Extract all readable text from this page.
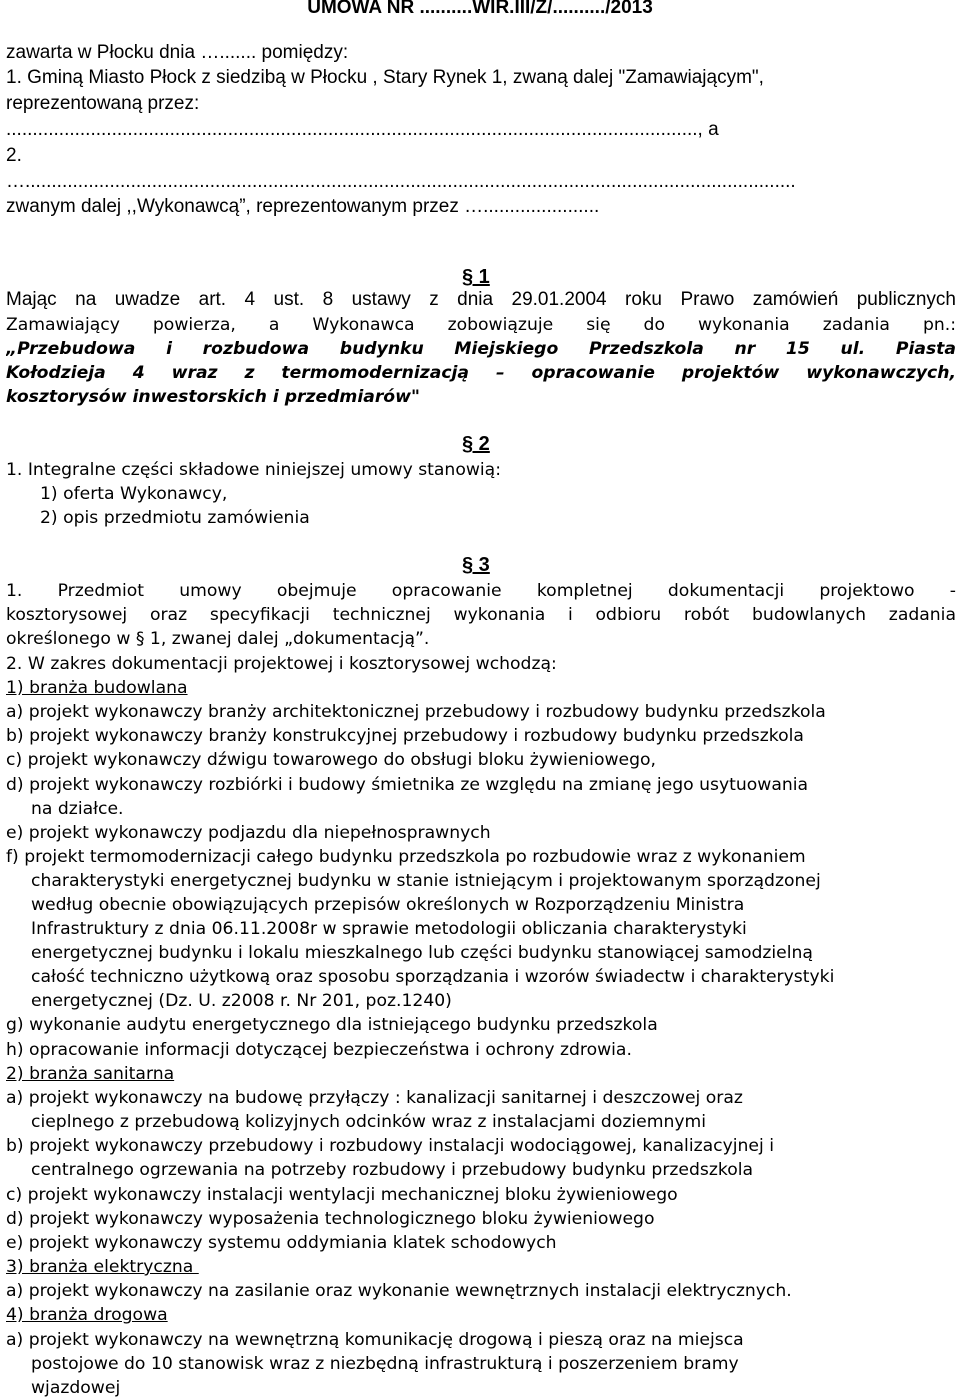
UMOWA NR ..........WIR.III/Z/........../2013
zawarta w Płocku dnia …....... pomiędzy:
1. Gminą Miasto Płock z siedzibą w Płocku , Stary Rynek 1, zwaną dalej "Zamawiającym",
reprezentowaną przez:
..................................................................................................................................., a
2.
…..................................................................................................................................................
zwanym dalej ,,Wykonawcą”, reprezentowanym przez …......................
§ 1
Mając na uwadze art. 4 ust. 8 ustawy z dnia 29.01.2004 roku Prawo zamówień publicznych
Zamawiający powierza, a Wykonawca zobowiązuje się do wykonania zadania pn.:
„Przebudowa i rozbudowa budynku Miejskiego Przedszkola nr 15 ul. Piasta
Kołodzieja 4 wraz z termomodernizacją – opracowanie projektów wykonawczych,
kosztorysów inwestorskich i przedmiarów"
§ 2
1. Integralne części składowe niniejszej umowy stanowią:
1) oferta Wykonawcy,
2) opis przedmiotu zamówienia
§ 3
1. Przedmiot umowy obejmuje opracowanie kompletnej dokumentacji projektowo -
kosztorysowej oraz specyfikacji technicznej wykonania i odbioru robót budowlanych zadania
określonego w § 1, zwanej dalej „dokumentacją”.
2. W zakres dokumentacji projektowej i kosztorysowej wchodzą:
1) branża budowlana
a) projekt wykonawczy branży architektonicznej przebudowy i rozbudowy budynku przedszkola
b) projekt wykonawczy branży konstrukcyjnej przebudowy i rozbudowy budynku przedszkola
c) projekt wykonawczy dźwigu towarowego do obsługi bloku żywieniowego,
d) projekt wykonawczy rozbiórki i budowy śmietnika ze względu na zmianę jego usytuowania
na działce.
e) projekt wykonawczy podjazdu dla niepełnosprawnych
f) projekt termomodernizacji całego budynku przedszkola po rozbudowie wraz z wykonaniem
charakterystyki energetycznej budynku w stanie istniejącym i projektowanym sporządzonej
według obecnie obowiązujących przepisów określonych w Rozporządzeniu Ministra
Infrastruktury z dnia 06.11.2008r w sprawie metodologii obliczania charakterystyki
energetycznej budynku i lokalu mieszkalnego lub części budynku stanowiącej samodzielną
całość techniczno użytkową oraz sposobu sporządzania i wzorów świadectw i charakterystyki
energetycznej (Dz. U. z2008 r. Nr 201, poz.1240)
g) wykonanie audytu energetycznego dla istniejącego budynku przedszkola
h) opracowanie informacji dotyczącej bezpieczeństwa i ochrony zdrowia.
2) branża sanitarna
a) projekt wykonawczy na budowę przyłączy : kanalizacji sanitarnej i deszczowej oraz
cieplnego z przebudową kolizyjnych odcinków wraz z instalacjami doziemnymi
b) projekt wykonawczy przebudowy i rozbudowy instalacji wodociągowej, kanalizacyjnej i
centralnego ogrzewania na potrzeby rozbudowy i przebudowy budynku przedszkola
c) projekt wykonawczy instalacji wentylacji mechanicznej bloku żywieniowego
d) projekt wykonawczy wyposażenia technologicznego bloku żywieniowego
e) projekt wykonawczy systemu oddymiania klatek schodowych
3) branża elektryczna
a) projekt wykonawczy na zasilanie oraz wykonanie wewnętrznych instalacji elektrycznych.
4) branża drogowa
a) projekt wykonawczy na wewnętrzną komunikację drogową i pieszą oraz na miejsca
postojowe do 10 stanowisk wraz z niezbędną infrastrukturą i poszerzeniem bramy
wjazdowej
